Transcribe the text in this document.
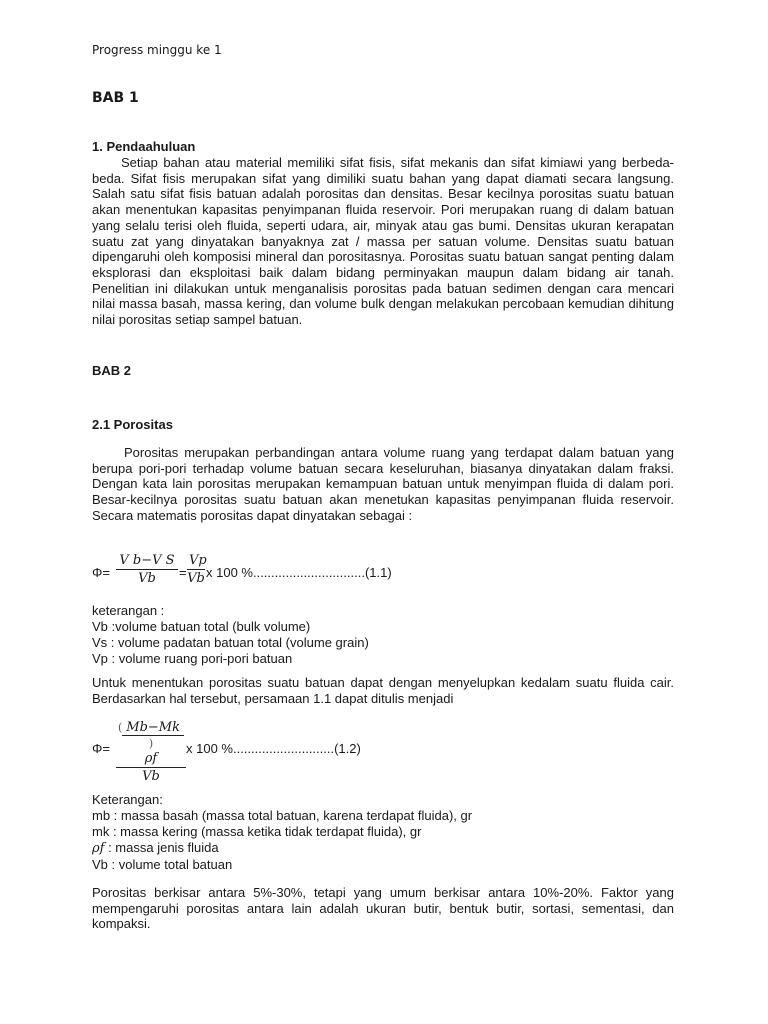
Progress minggu ke 1
BAB 1
1. Pendaahuluan

Setiap bahan atau material memiliki sifat fisis, sifat mekanis dan sifat kimiawi yang berbeda-beda. Sifat fisis merupakan sifat yang dimiliki suatu bahan yang dapat diamati secara langsung. Salah satu sifat fisis batuan adalah porositas dan densitas. Besar kecilnya porositas suatu batuan akan menentukan kapasitas penyimpanan fluida reservoir. Pori merupakan ruang di dalam batuan yang selalu terisi oleh fluida, seperti udara, air, minyak atau gas bumi. Densitas ukuran kerapatan suatu zat yang dinyatakan banyaknya zat / massa per satuan volume. Densitas suatu batuan dipengaruhi oleh komposisi mineral dan porositasnya. Porositas suatu batuan sangat penting dalam eksplorasi dan eksploitasi baik dalam bidang perminyakan maupun dalam bidang air tanah. Penelitian ini dilakukan untuk menganalisis porositas pada batuan sedimen dengan cara mencari nilai massa basah, massa kering, dan volume bulk dengan melakukan percobaan kemudian dihitung nilai porositas setiap sampel batuan.

BAB 2
2.1 Porositas

Porositas merupakan perbandingan antara volume ruang yang terdapat dalam batuan yang berupa pori-pori terhadap volume batuan secara keseluruhan, biasanya dinyatakan dalam fraksi. Dengan kata lain porositas merupakan kemampuan batuan untuk menyimpan fluida di dalam pori. Besar-kecilnya porositas suatu batuan akan menetukan kapasitas penyimpanan fluida reservoir. Secara matematis porositas dapat dinyatakan sebagai :

$\Phi= \frac{\text{V b−V S}}{Vb} = \frac{Vp}{Vb}$ x 100 %...............................(1.1)
keterangan :
Vb :volume batuan total (bulk volume)
Vs : volume padatan batuan total (volume grain)
Vp : volume ruang pori-pori batuan

Untuk menentukan porositas suatu batuan dapat dengan menyelupkan kedalam suatu fluida cair. Berdasarkan hal tersebut, persamaan 1.1 dapat ditulis menjadi

Φ=
( Mb−Mk)
ρf
Vb
x 100 %............................(1.2)
Keterangan:
mb : massa basah (massa total batuan, karena terdapat fluida), gr
mk : massa kering (massa ketika tidak terdapat fluida), gr
ρf : massa jenis fluida
Vb : volume total batuan

Porositas berkisar antara 5%-30%, tetapi yang umum berkisar antara 10%-20%. Faktor yang mempengaruhi porositas antara lain adalah ukuran butir, bentuk butir, sortasi, sementasi, dan kompaksi.
